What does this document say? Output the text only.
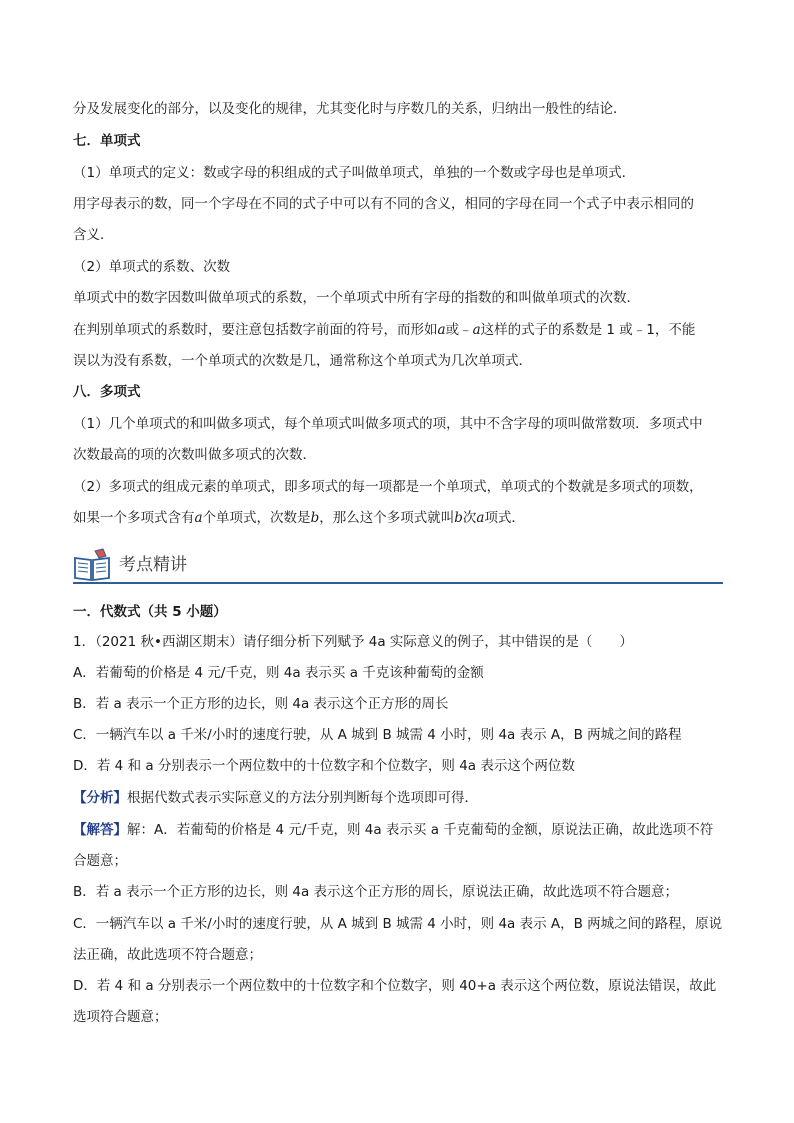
分及发展变化的部分，以及变化的规律，尤其变化时与序数几的关系，归纳出一般性的结论．
七．单项式
（1）单项式的定义：数或字母的积组成的式子叫做单项式，单独的一个数或字母也是单项式．
用字母表示的数，同一个字母在不同的式子中可以有不同的含义，相同的字母在同一个式子中表示相同的
含义．
（2）单项式的系数、次数
单项式中的数字因数叫做单项式的系数，一个单项式中所有字母的指数的和叫做单项式的次数．
在判别单项式的系数时，要注意包括数字前面的符号，而形如a或﹣a这样的式子的系数是 1 或﹣1，不能
误以为没有系数，一个单项式的次数是几，通常称这个单项式为几次单项式．
八．多项式
（1）几个单项式的和叫做多项式，每个单项式叫做多项式的项，其中不含字母的项叫做常数项．多项式中
次数最高的项的次数叫做多项式的次数．
（2）多项式的组成元素的单项式，即多项式的每一项都是一个单项式，单项式的个数就是多项式的项数，
如果一个多项式含有a个单项式，次数是b，那么这个多项式就叫b次a项式．
考点精讲
一．代数式（共 5 小题）
1．（2021 秋•西湖区期末）请仔细分析下列赋予 4a 实际意义的例子，其中错误的是（　　）
A．若葡萄的价格是 4 元/千克，则 4a 表示买 a 千克该种葡萄的金额
B．若 a 表示一个正方形的边长，则 4a 表示这个正方形的周长
C．一辆汽车以 a 千米/小时的速度行驶，从 A 城到 B 城需 4 小时，则 4a 表示 A，B 两城之间的路程
D．若 4 和 a 分别表示一个两位数中的十位数字和个位数字，则 4a 表示这个两位数
【分析】根据代数式表示实际意义的方法分别判断每个选项即可得．
【解答】解：A．若葡萄的价格是 4 元/千克，则 4a 表示买 a 千克葡萄的金额，原说法正确，故此选项不符
合题意；
B．若 a 表示一个正方形的边长，则 4a 表示这个正方形的周长，原说法正确，故此选项不符合题意；
C．一辆汽车以 a 千米/小时的速度行驶，从 A 城到 B 城需 4 小时，则 4a 表示 A，B 两城之间的路程，原说
法正确，故此选项不符合题意；
D．若 4 和 a 分别表示一个两位数中的十位数字和个位数字，则 40+a 表示这个两位数，原说法错误，故此
选项符合题意；
